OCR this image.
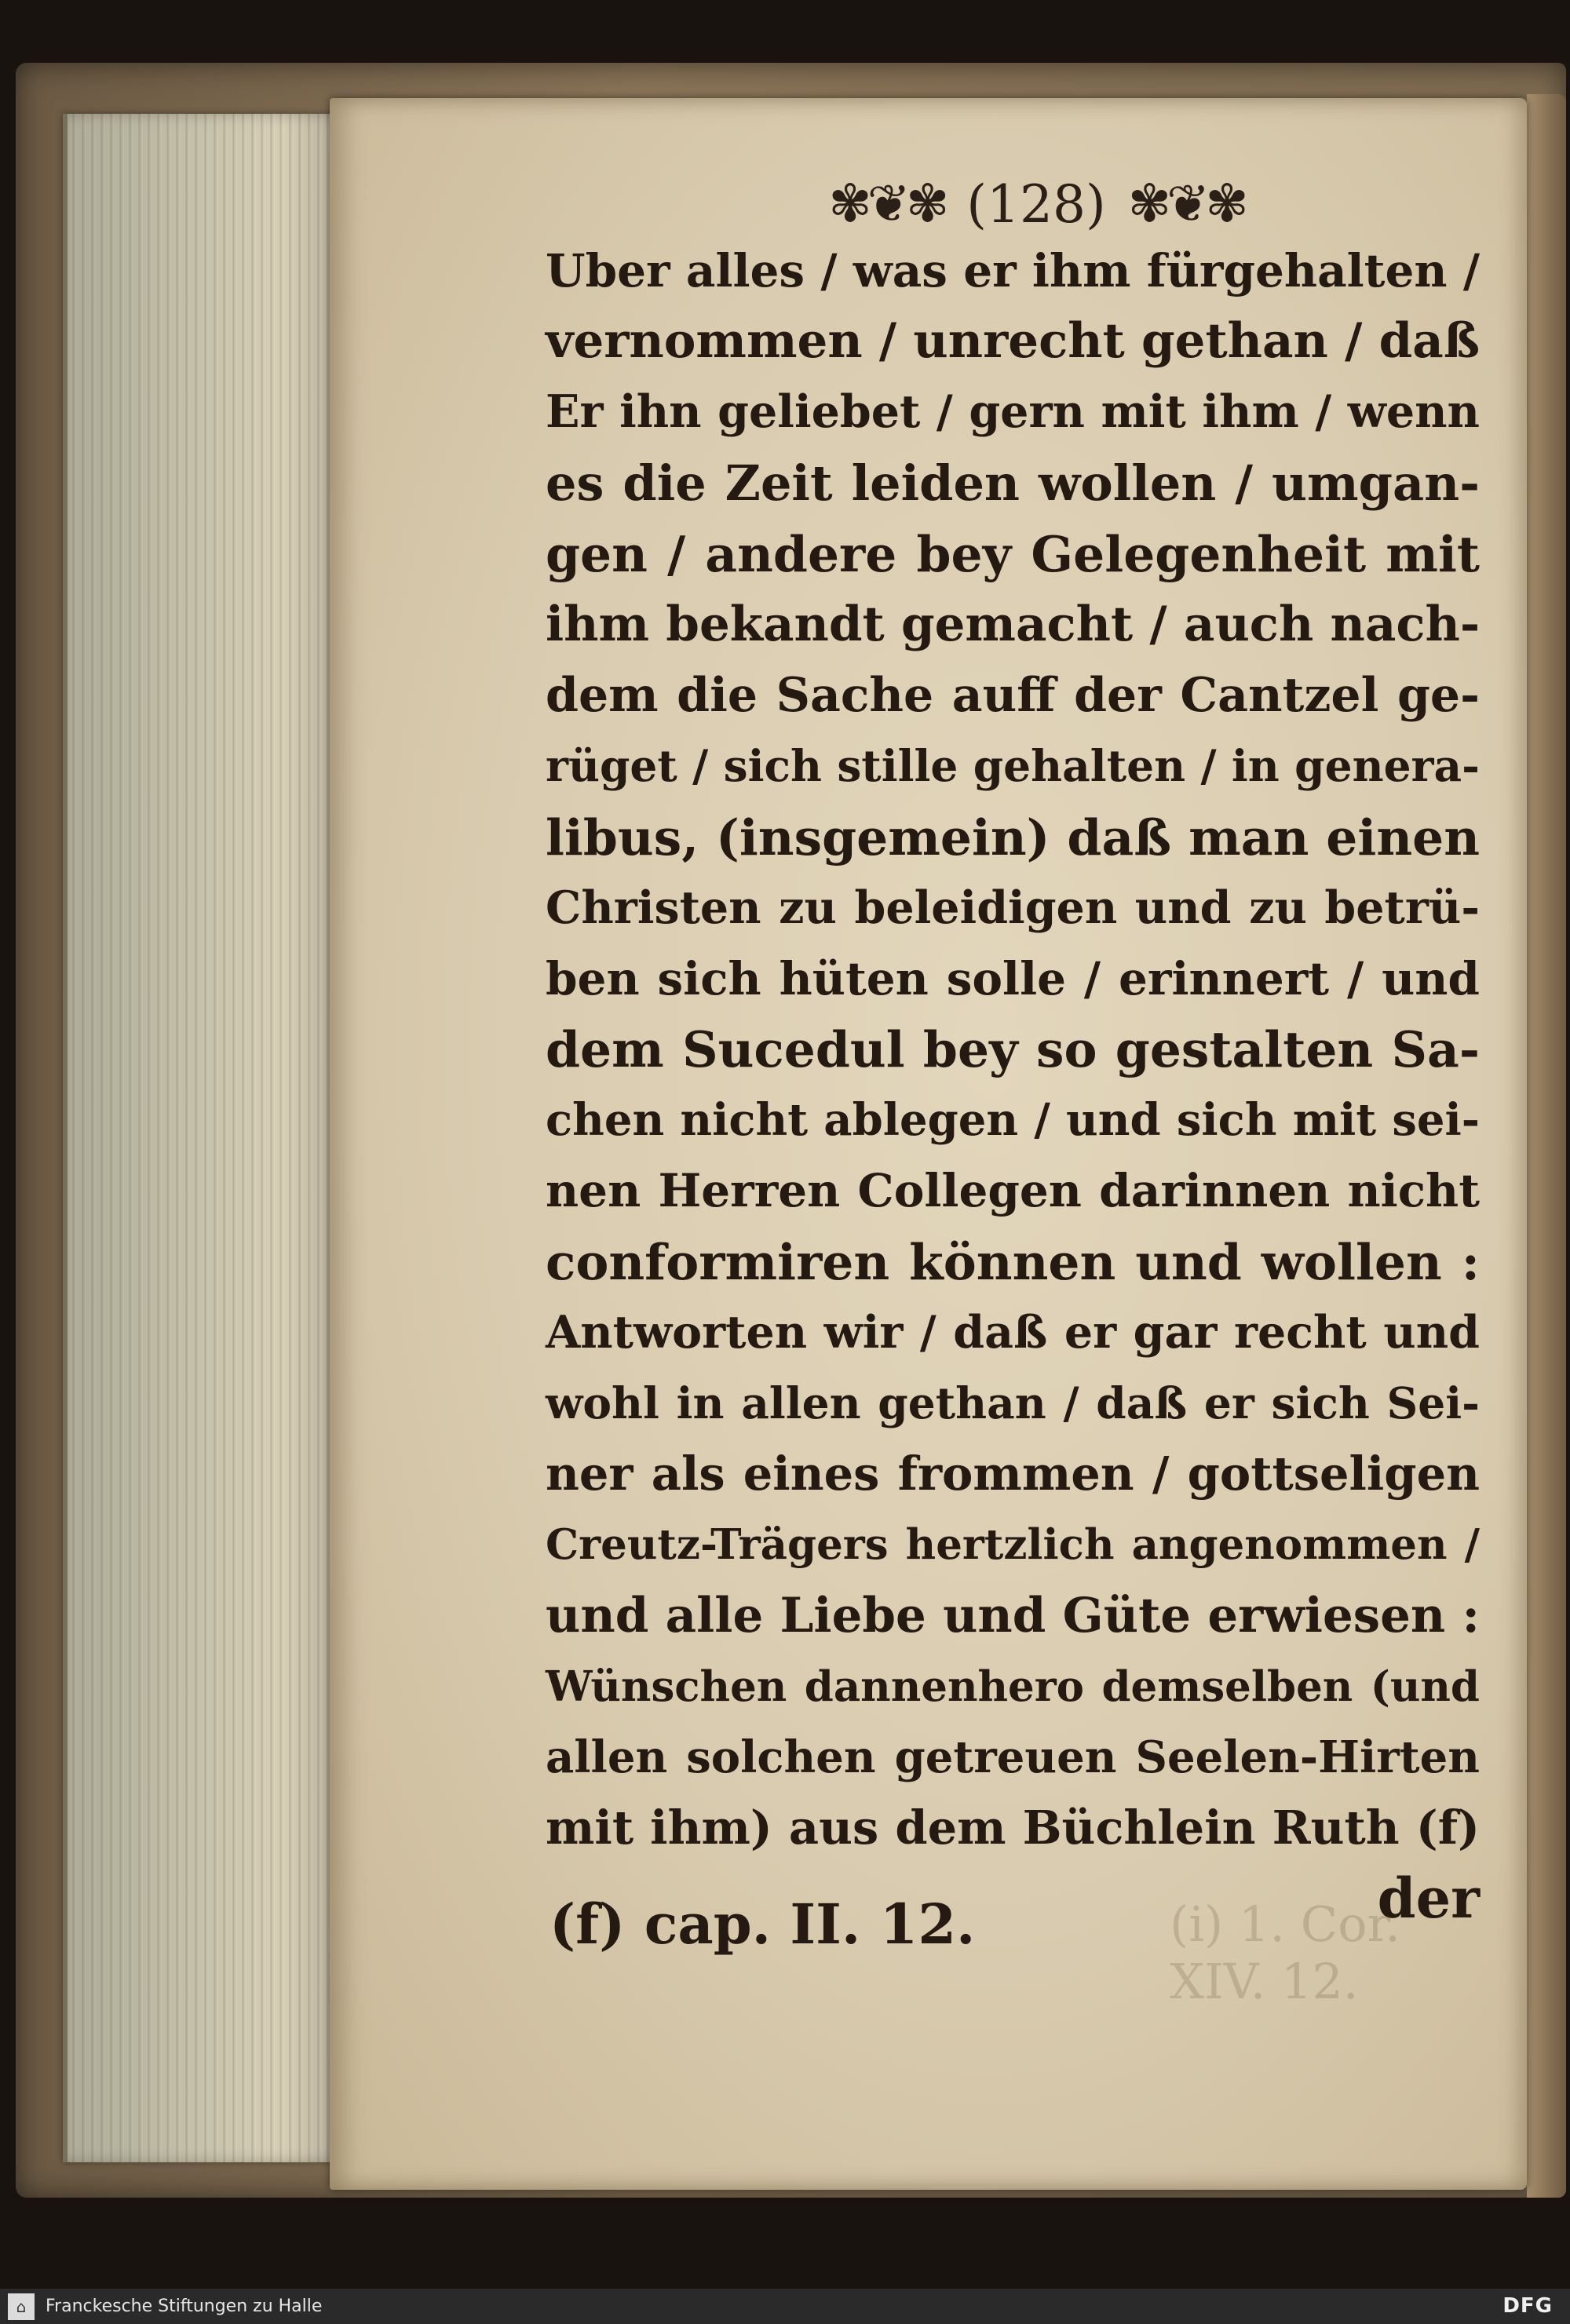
✾❦✾ (128) ✾❦✾
Uber alles / was er ihm fürgehalten /
vernommen / unrecht gethan / daß
Er ihn geliebet / gern mit ihm / wenn
es die Zeit leiden wollen / umgan-
gen / andere bey Gelegenheit mit
ihm bekandt gemacht / auch nach-
dem die Sache auff der Cantzel ge-
rüget / sich stille gehalten / in genera-
libus, (insgemein) daß man einen
Christen zu beleidigen und zu betrü-
ben sich hüten solle / erinnert / und
dem Sucedul bey so gestalten Sa-
chen nicht ablegen / und sich mit sei-
nen Herren Collegen darinnen nicht
conformiren können und wollen :
Antworten wir / daß er gar recht und
wohl in allen gethan / daß er sich Sei-
ner als eines frommen / gottseligen
Creutz-Trägers hertzlich angenommen /
und alle Liebe und Güte erwiesen :
Wünschen dannenhero demselben (und
allen solchen getreuen Seelen-Hirten
mit ihm) aus dem Büchlein Ruth (f)
der
(f) cap. II. 12.	(i) 1. Cor. XIV. 12.
⌂	Franckesche Stiftungen zu Halle	DFG
